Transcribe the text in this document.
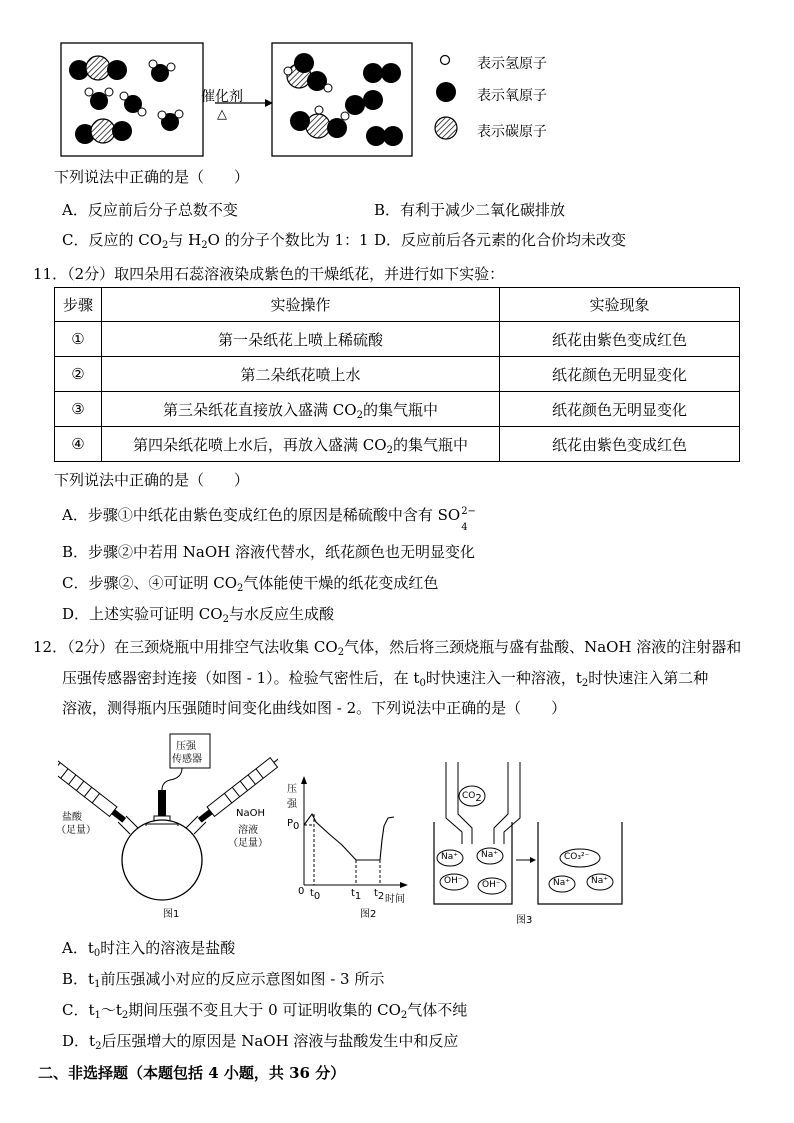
催化剂
△
表示氢原子
表示氧原子
表示碳原子
下列说法中正确的是（　　）
A．反应前后分子总数不变	B．有利于减少二氧化碳排放
C．反应的 $CO_2$与 $H_2O$ 的分子个数比为 1：1 D．反应前后各元素的化合价均未改变
11．（2分）取四朵用石蕊溶液染成紫色的干燥纸花，并进行如下实验：
步骤	实验操作	实验现象
①	第一朵纸花上喷上稀硫酸	纸花由紫色变成红色
②	第二朵纸花喷上水	纸花颜色无明显变化
③	第三朵纸花直接放入盛满 $CO_2$的集气瓶中	纸花颜色无明显变化
④	第四朵纸花喷上水后，再放入盛满 $CO_2$的集气瓶中	纸花由紫色变成红色
下列说法中正确的是（　　）
A．步骤①中纸花由紫色变成红色的原因是稀硫酸中含有 SO 2−
4
B．步骤②中若用 NaOH 溶液代替水，纸花颜色也无明显变化
C．步骤②、④可证明 $CO_2$气体能使干燥的纸花变成红色
D．上述实验可证明 $CO_2$与水反应生成酸
12．（2分）在三颈烧瓶中用排空气法收集 $CO_2$气体，然后将三颈烧瓶与盛有盐酸、NaOH 溶液的注射器和
压强传感器密封连接（如图 - 1）。检验气密性后，在 $t_0$时快速注入一种溶液，$t_2$时快速注入第二种
溶液，测得瓶内压强随时间变化曲线如图 - 2。下列说法中正确的是（　　）
压强
传感器
盐酸
（足量）
NaOH
溶液
（足量）
图1
压
强
$P_0$
0 $t_0$	$t_1$ $t_2$ 时间
图2
$CO_2$
Na⁺	Na⁺
OH⁻ OH⁻
CO₃²⁻
Na⁺ Na⁺
图3
A．$t_0$时注入的溶液是盐酸
B．$t_1$前压强减小对应的反应示意图如图 - 3 所示
C．$t_1\sim t_2$期间压强不变且大于 0 可证明收集的 $CO_2$气体不纯
D．$t_2$后压强增大的原因是 NaOH 溶液与盐酸发生中和反应
二、非选择题（本题包括 4 小题，共 36 分）
